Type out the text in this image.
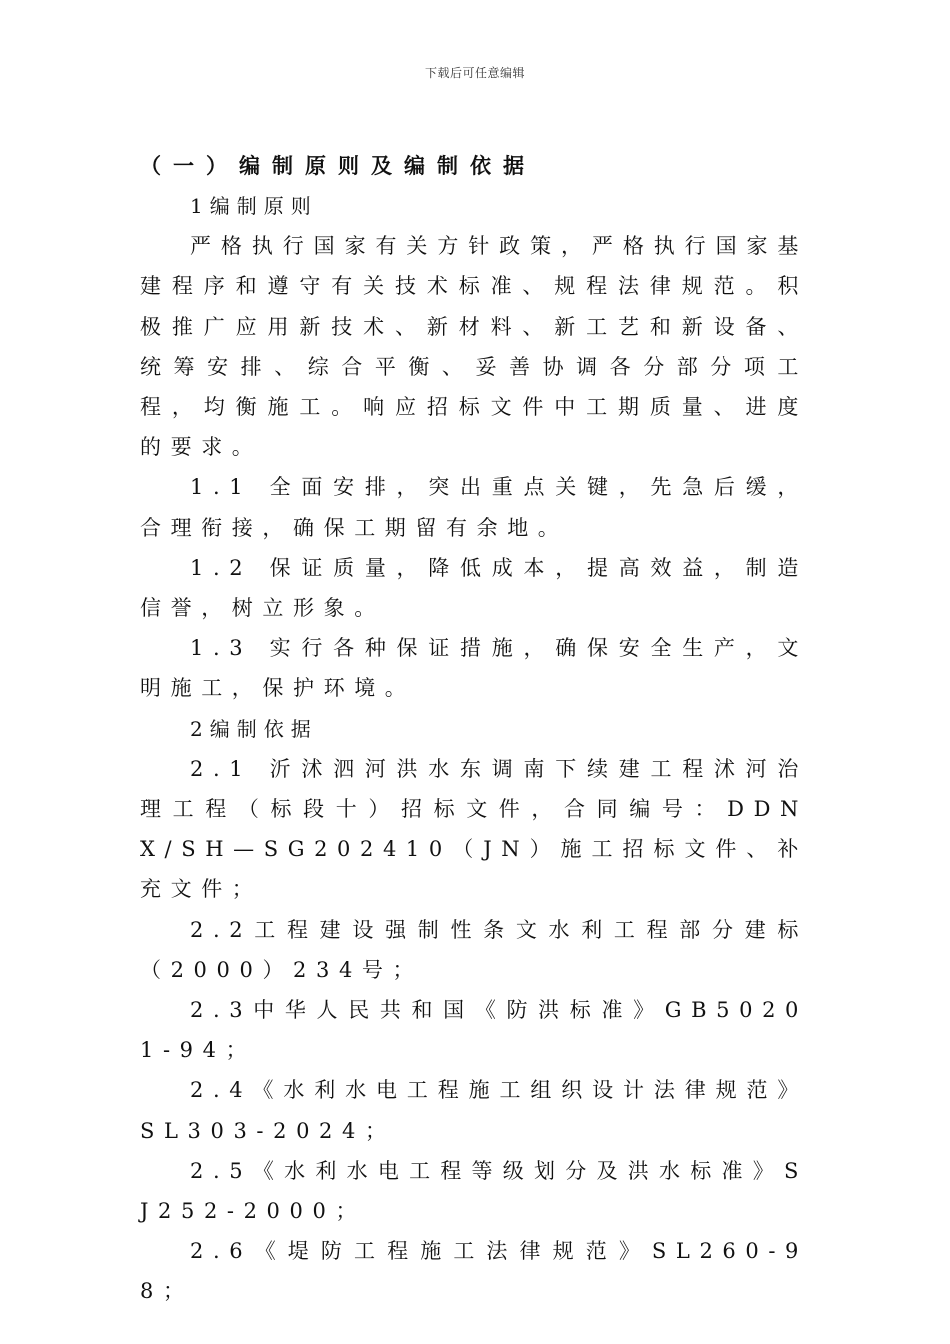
下载后可任意编辑

（一）编制原则及编制依据

1编制原则

严格执行国家有关方针政策，严格执行国家基建程序和遵守有关技术标准、规程法律规范。积极推广应用新技术、新材料、新工艺和新设备、统筹安排、综合平衡、妥善协调各分部分项工程，均衡施工。响应招标文件中工期质量、进度的要求。

1.1 全面安排，突出重点关键，先急后缓，合理衔接，确保工期留有余地。

1.2 保证质量，降低成本，提高效益，制造信誉，树立形象。

1.3 实行各种保证措施，确保安全生产，文明施工，保护环境。

2编制依据

2.1 沂沭泗河洪水东调南下续建工程沭河治理工程（标段十）招标文件，合同编号：DDNX/SH—SG202410（JN）施工招标文件、补充文件；

2.2工程建设强制性条文水利工程部分建标（2000）234号；

2.3中华人民共和国《防洪标准》GB50201-94；

2.4《水利水电工程施工组织设计法律规范》SL303-2024；

2.5《水利水电工程等级划分及洪水标准》SJ252-2000；

2.6《堤防工程施工法律规范》SL260-98；
